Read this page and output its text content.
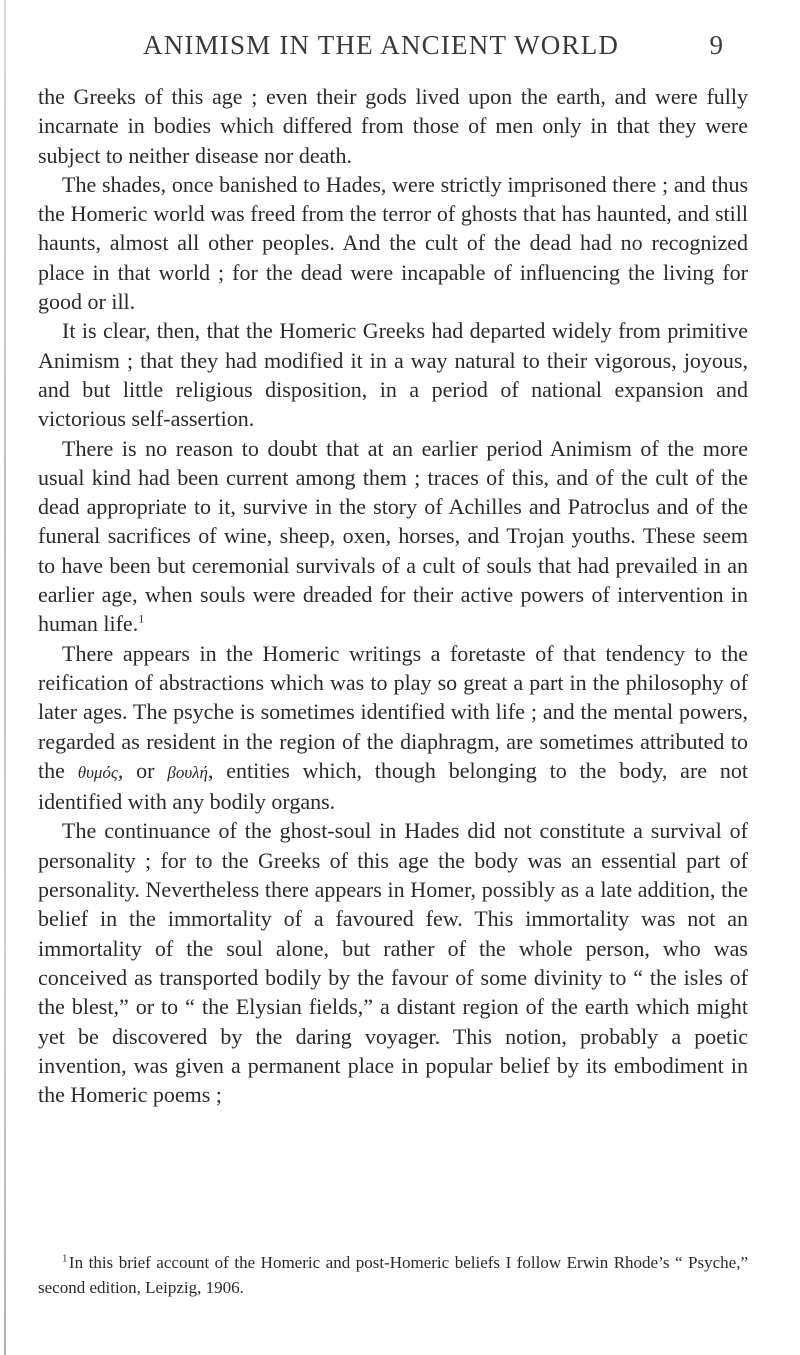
ANIMISM IN THE ANCIENT WORLD	9

the Greeks of this age ; even their gods lived upon the earth, and were fully incarnate in bodies which differed from those of men only in that they were subject to neither disease nor death.

The shades, once banished to Hades, were strictly imprisoned there ; and thus the Homeric world was freed from the terror of ghosts that has haunted, and still haunts, almost all other peoples. And the cult of the dead had no recognized place in that world ; for the dead were incapable of influencing the living for good or ill.

It is clear, then, that the Homeric Greeks had departed widely from primitive Animism ; that they had modified it in a way natural to their vigorous, joyous, and but little religious disposition, in a period of national expansion and victorious self-assertion.

There is no reason to doubt that at an earlier period Animism of the more usual kind had been current among them ; traces of this, and of the cult of the dead appropriate to it, survive in the story of Achilles and Patroclus and of the funeral sacrifices of wine, sheep, oxen, horses, and Trojan youths. These seem to have been but ceremonial survivals of a cult of souls that had prevailed in an earlier age, when souls were dreaded for their active powers of intervention in human life.$^1$

There appears in the Homeric writings a foretaste of that tendency to the reification of abstractions which was to play so great a part in the philosophy of later ages. The psyche is sometimes identified with life ; and the mental powers, regarded as resident in the region of the diaphragm, are sometimes attributed to the θυμός, or βουλή, entities which, though belonging to the body, are not identified with any bodily organs.

The continuance of the ghost-soul in Hades did not constitute a survival of personality ; for to the Greeks of this age the body was an essential part of personality. Nevertheless there appears in Homer, possibly as a late addition, the belief in the immortality of a favoured few. This immortality was not an immortality of the soul alone, but rather of the whole person, who was conceived as transported bodily by the favour of some divinity to “ the isles of the blest,” or to “ the Elysian fields,” a distant region of the earth which might yet be discovered by the daring voyager. This notion, probably a poetic invention, was given a permanent place in popular belief by its embodiment in the Homeric poems ;

$^1$ In this brief account of the Homeric and post-Homeric beliefs I follow Erwin Rhode’s “ Psyche,” second edition, Leipzig, 1906.
